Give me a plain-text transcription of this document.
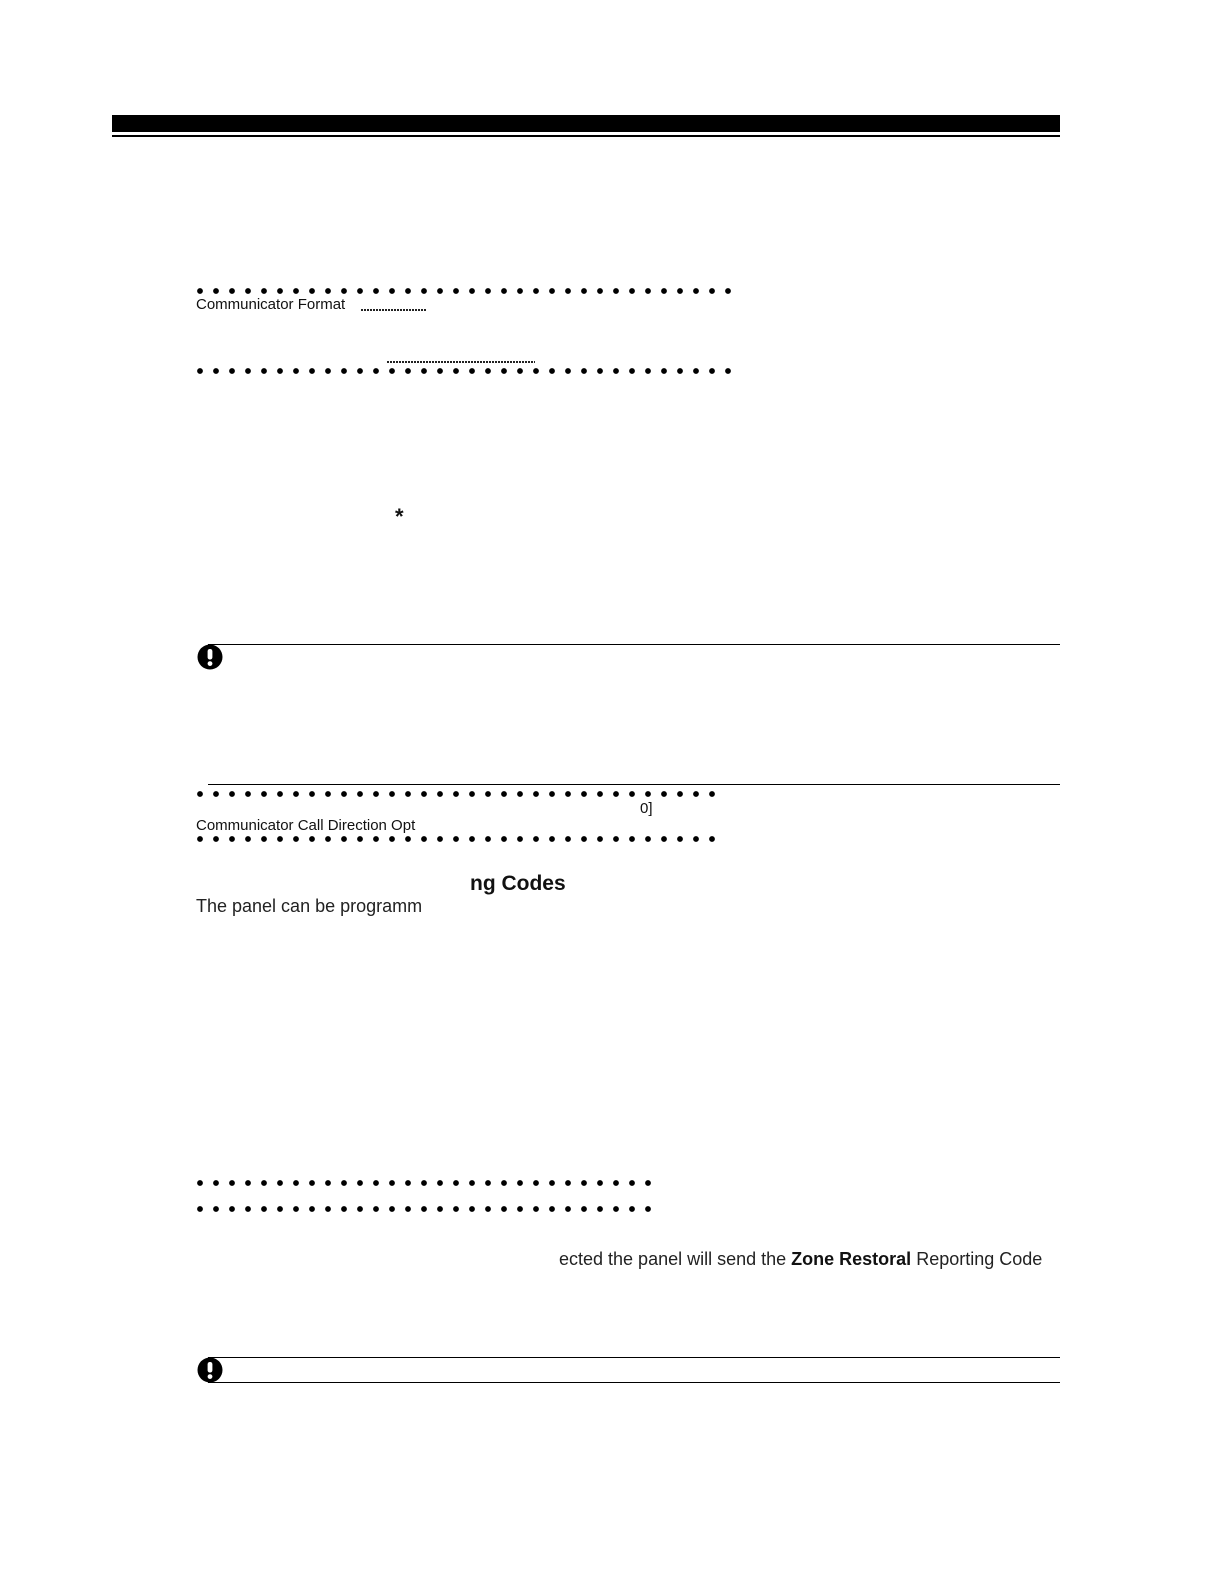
Communicator Format
*
0]
Communicator Call Direction Opt
ng Codes
The panel can be programm
ected the panel will send the Zone Restoral Reporting Code
